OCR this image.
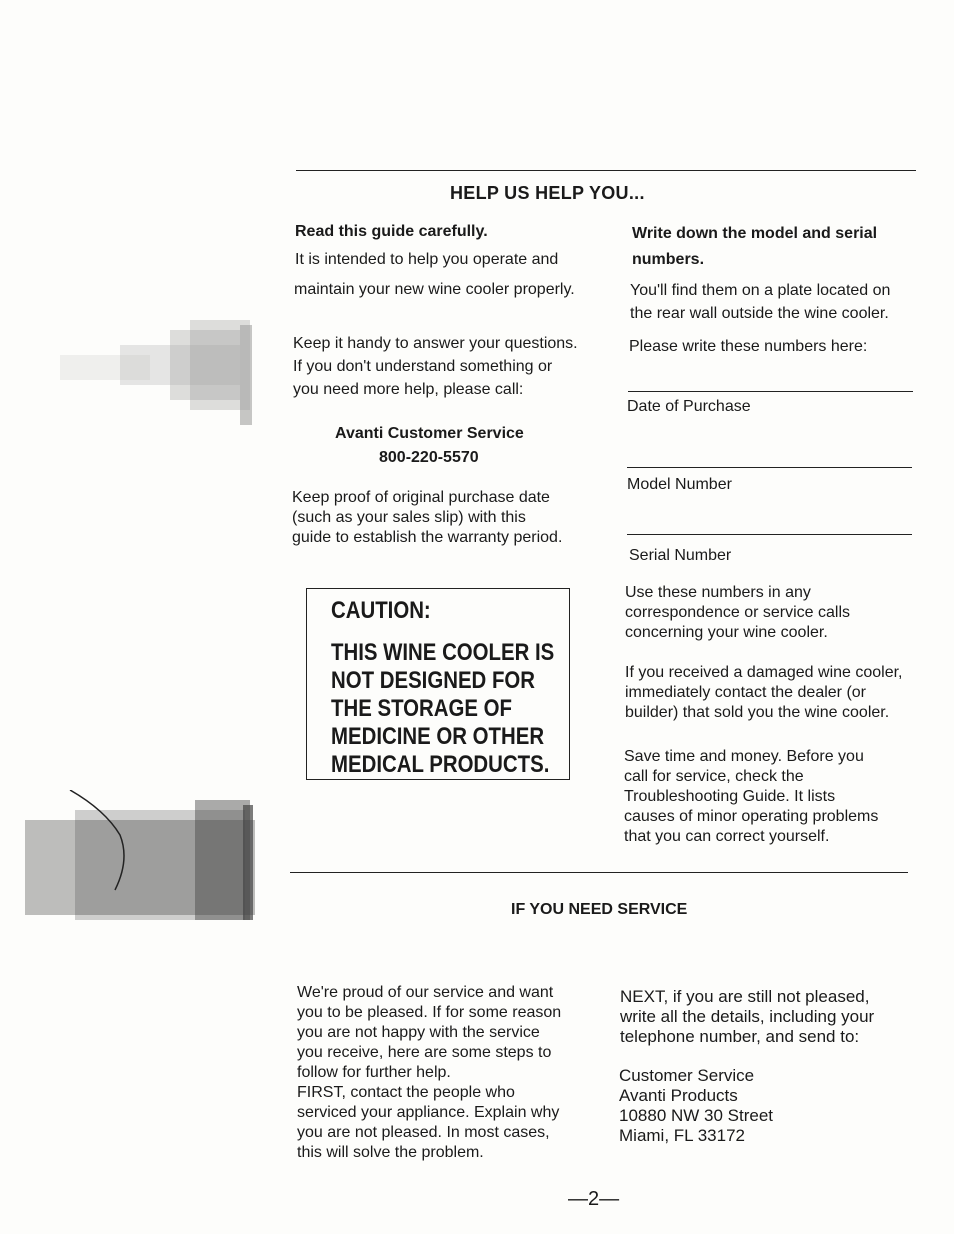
HELP US HELP YOU...
Read this guide carefully.
It is intended to help you operate and
maintain your new wine cooler properly.
Keep it handy to answer your questions.
If you don't understand something or
you need more help, please call:
Avanti Customer Service
800-220-5570
Keep proof of original purchase date
(such as your sales slip) with this
guide to establish the warranty period.
CAUTION:
THIS WINE COOLER IS
NOT DESIGNED FOR
THE STORAGE OF
MEDICINE OR OTHER
MEDICAL PRODUCTS.
Write down the model and serial
numbers.
You'll find them on a plate located on
the rear wall outside the wine cooler.
Please write these numbers here:
Date of Purchase
Model Number
Serial Number
Use these numbers in any
correspondence or service calls
concerning your wine cooler.
If you received a damaged wine cooler,
immediately contact the dealer (or
builder) that sold you the wine cooler.
Save time and money. Before you
call for service, check the
Troubleshooting Guide. It lists
causes of minor operating problems
that you can correct yourself.
IF YOU NEED SERVICE
We're proud of our service and want
you to be pleased. If for some reason
you are not happy with the service
you receive, here are some steps to
follow for further help.
FIRST, contact the people who
serviced your appliance. Explain why
you are not pleased. In most cases,
this will solve the problem.
NEXT, if you are still not pleased,
write all the details, including your
telephone number, and send to:
Customer Service
Avanti Products
10880 NW 30 Street
Miami, FL 33172
—2—
